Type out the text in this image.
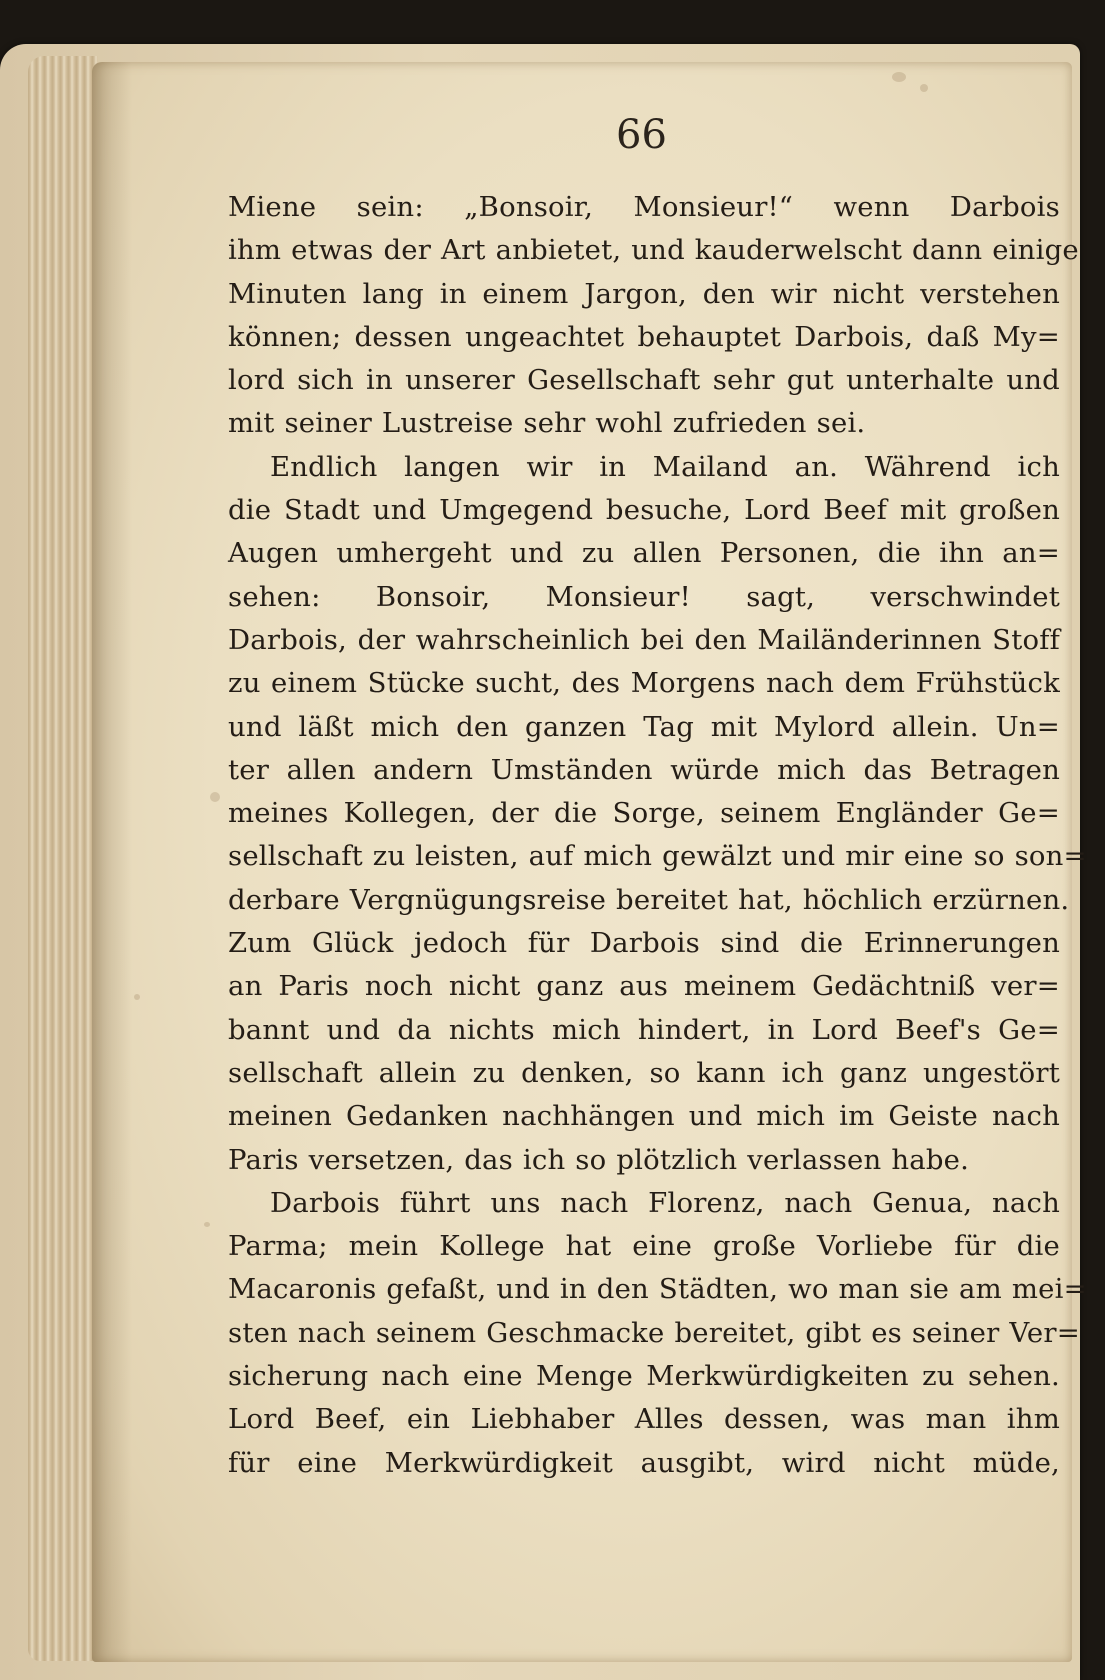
66
Miene sein: „Bonsoir, Monsieur!“ wenn Darbois
ihm etwas der Art anbietet, und kauderwelscht dann einige
Minuten lang in einem Jargon, den wir nicht verstehen
können; dessen ungeachtet behauptet Darbois, daß My=
lord sich in unserer Gesellschaft sehr gut unterhalte und
mit seiner Lustreise sehr wohl zufrieden sei.
Endlich langen wir in Mailand an. Während ich
die Stadt und Umgegend besuche, Lord Beef mit großen
Augen umhergeht und zu allen Personen, die ihn an=
sehen: Bonsoir, Monsieur! sagt, verschwindet
Darbois, der wahrscheinlich bei den Mailänderinnen Stoff
zu einem Stücke sucht, des Morgens nach dem Frühstück
und läßt mich den ganzen Tag mit Mylord allein. Un=
ter allen andern Umständen würde mich das Betragen
meines Kollegen, der die Sorge, seinem Engländer Ge=
sellschaft zu leisten, auf mich gewälzt und mir eine so son=
derbare Vergnügungsreise bereitet hat, höchlich erzürnen.
Zum Glück jedoch für Darbois sind die Erinnerungen
an Paris noch nicht ganz aus meinem Gedächtniß ver=
bannt und da nichts mich hindert, in Lord Beef's Ge=
sellschaft allein zu denken, so kann ich ganz ungestört
meinen Gedanken nachhängen und mich im Geiste nach
Paris versetzen, das ich so plötzlich verlassen habe.
Darbois führt uns nach Florenz, nach Genua, nach
Parma; mein Kollege hat eine große Vorliebe für die
Macaronis gefaßt, und in den Städten, wo man sie am mei=
sten nach seinem Geschmacke bereitet, gibt es seiner Ver=
sicherung nach eine Menge Merkwürdigkeiten zu sehen.
Lord Beef, ein Liebhaber Alles dessen, was man ihm
für eine Merkwürdigkeit ausgibt, wird nicht müde,
